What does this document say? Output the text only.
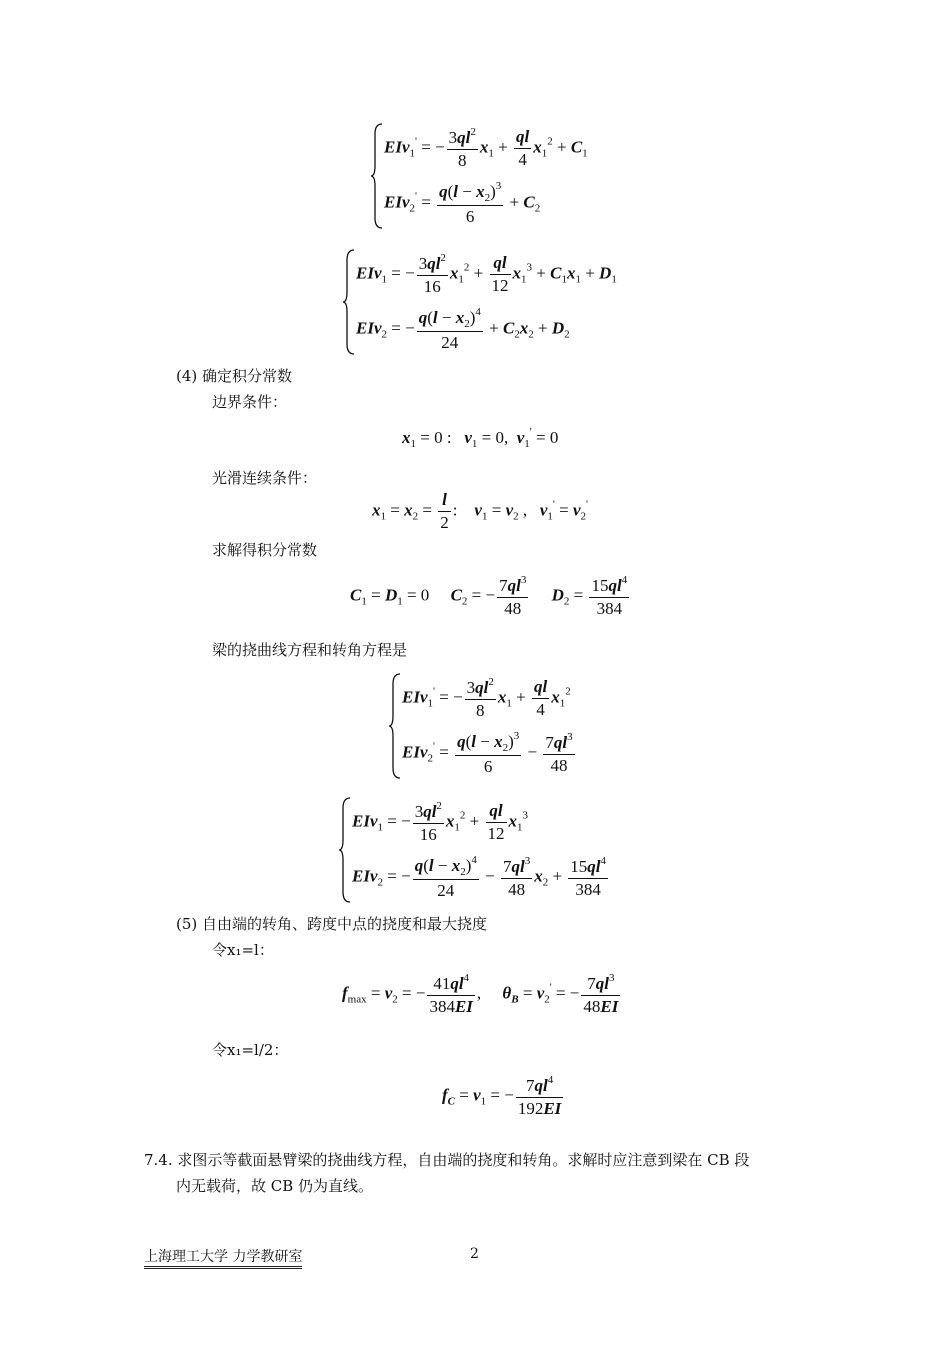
EIv$_1$' = − $\frac{3ql^2}{8} x_1 + \frac{ql}{4} x_1^2 + C_1$
$EIv_2' = \frac{q(l - x_2)^3}{6} + C_2$
EIv$_1$ = − $\frac{3ql^2}{16} x_1^2 + \frac{ql}{12} x_1^3 + C_1x_1 + D_1$
EIv$_2$ = − $\frac{q(l - x_2)^4}{24} + C_2x_2 + D_2$
(4) 确定积分常数
边界条件：
$x_1 = 0$ :   $v_1 = 0$,  $v_1' = 0$
光滑连续条件：
$x_1 = x_2 = \frac{l}{2}$ :    $v_1 = v_2$ ,   $v_1' = v_2'$
求解得积分常数
$C_1 = D_1 = 0$     $C_2$ = − $\frac{7ql^3}{48} D_2 = \frac{15ql^4}{384}$
梁的挠曲线方程和转角方程是
EIv$_1$' = − $\frac{3ql^2}{8} x_1 + \frac{ql}{4} x_1^2$
$EIv_2' = \frac{q(l - x_2)^3}{6} - \frac{7ql^3}{48}$
EIv$_1$ = − $\frac{3ql^2}{16} x_1^2 + \frac{ql}{12} x_1^3$
EIv$_2$ = − $\frac{q(l - x_2)^4}{24} - \frac{7ql^3}{48} x_2 + \frac{15ql^4}{384}$
(5) 自由端的转角、跨度中点的挠度和最大挠度
令x₁=l：
$f_{max} = v_2$ = − $\frac{41ql^4}{384EI}$ ,     $\theta_B = v_2'$ = − $\frac{7ql^3}{48EI}$
令x₁=l/2：
$f_C = v_1$ = − $\frac{7ql^4}{192EI}$
7.4. 求图示等截面悬臂梁的挠曲线方程，自由端的挠度和转角。求解时应注意到梁在 CB 段
内无载荷，故 CB 仍为直线。
上海理工大学 力学教研室	2
